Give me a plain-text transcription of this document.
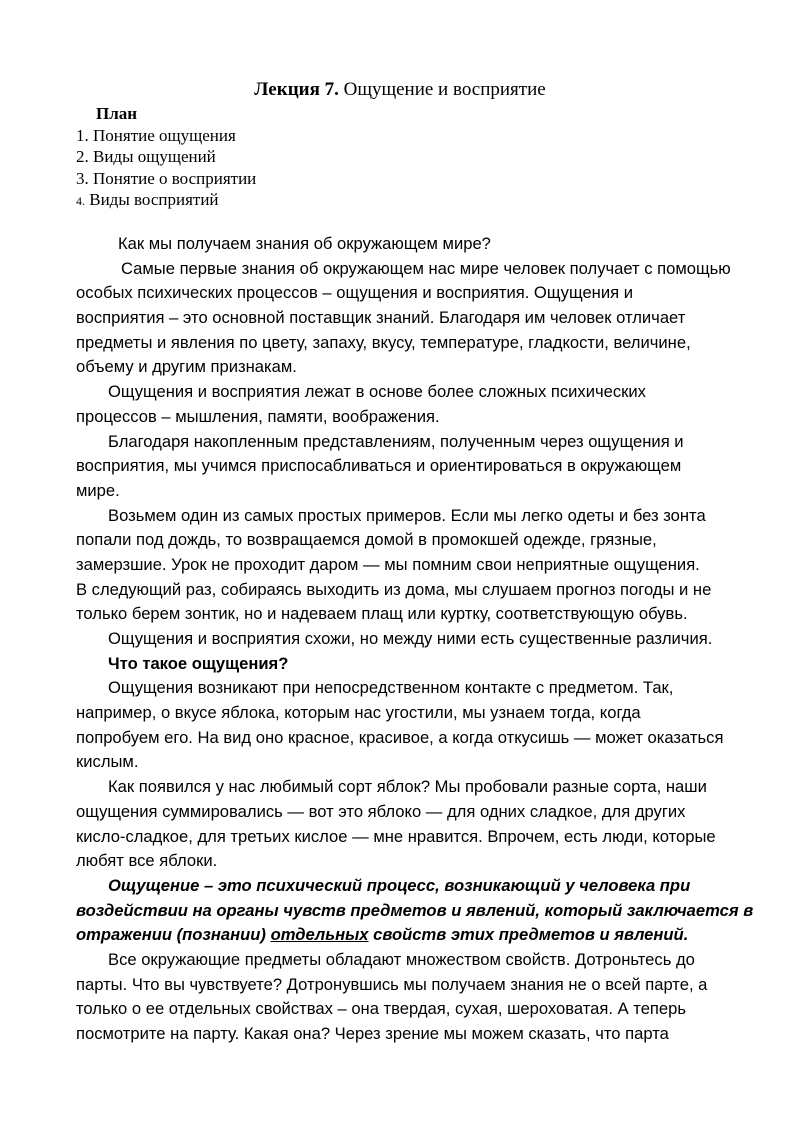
Лекция 7. Ощущение и восприятие
План
1. Понятие ощущения
2. Виды ощущений
3. Понятие о восприятии
4. Виды восприятий
Как мы получаем знания об окружающем мире?
Самые первые знания об окружающем нас мире человек получает с помощью
особых психических процессов – ощущения и восприятия. Ощущения и
восприятия – это основной поставщик знаний. Благодаря им человек отличает
предметы и явления по цвету, запаху, вкусу, температуре, гладкости, величине,
объему и другим признакам.
Ощущения и восприятия лежат в основе более сложных психических
процессов – мышления, памяти, воображения.
Благодаря накопленным представлениям, полученным через ощущения и
восприятия, мы учимся приспосабливаться и ориентироваться в окружающем
мире.
Возьмем один из самых простых примеров. Если мы легко одеты и без зонта
попали под дождь, то возвращаемся домой в промокшей одежде, грязные,
замерзшие. Урок не проходит даром — мы помним свои неприятные ощущения.
В следующий раз, собираясь выходить из дома, мы слушаем прогноз погоды и не
только берем зонтик, но и надеваем плащ или куртку, соответствующую обувь.
Ощущения и восприятия схожи, но между ними есть существенные различия.
Что такое ощущения?
Ощущения возникают при непосредственном контакте с предметом. Так,
например, о вкусе яблока, которым нас угостили, мы узнаем тогда, когда
попробуем его. На вид оно красное, красивое, а когда откусишь — может оказаться
кислым.
Как появился у нас любимый сорт яблок? Мы пробовали разные сорта, наши
ощущения суммировались — вот это яблоко — для одних сладкое, для других
кисло-сладкое, для третьих кислое — мне нравится. Впрочем, есть люди, которые
любят все яблоки.
Ощущение – это психический процесс, возникающий у человека при
воздействии на органы чувств предметов и явлений, который заключается в
отражении (познании) отдельных свойств этих предметов и явлений.
Все окружающие предметы обладают множеством свойств. Дотроньтесь до
парты. Что вы чувствуете? Дотронувшись мы получаем знания не о всей парте, а
только о ее отдельных свойствах – она твердая, сухая, шероховатая. А теперь
посмотрите на парту. Какая она? Через зрение мы можем сказать, что парта
